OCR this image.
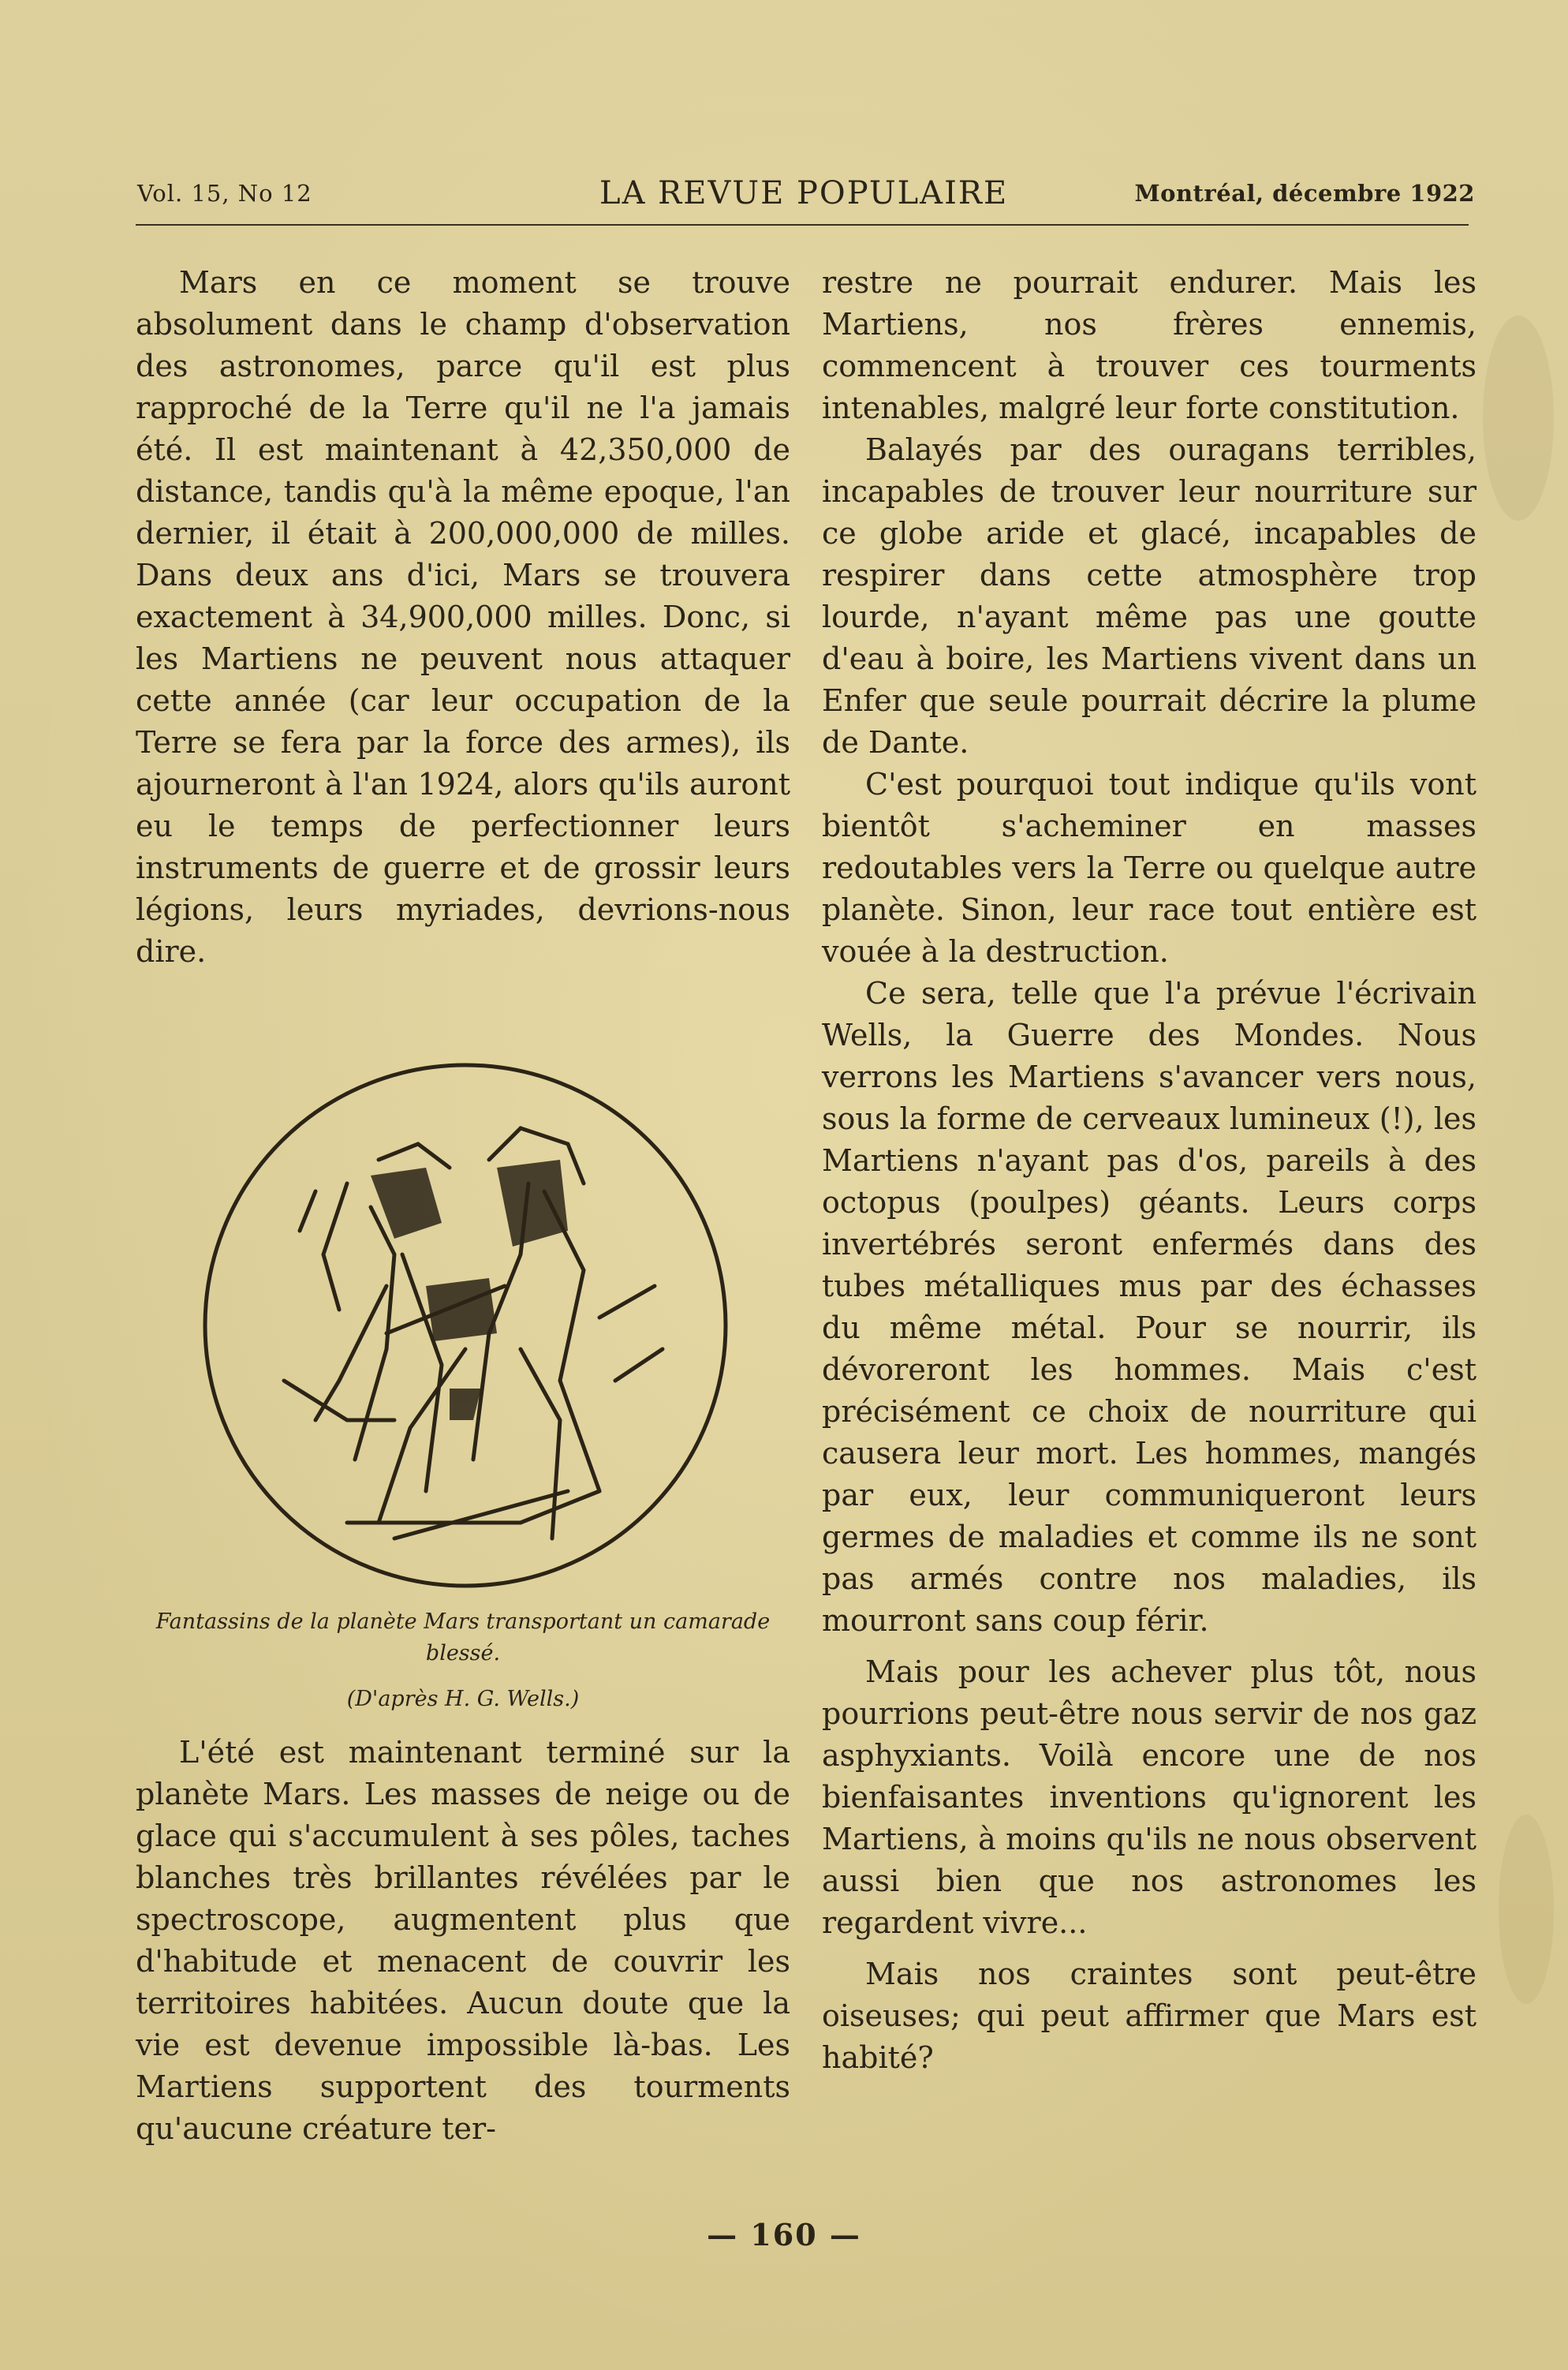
Vol. 15, No 12	LA REVUE POPULAIRE	Montréal, décembre 1922

Mars en ce moment se trouve absolument dans le champ d'observation des astronomes, parce qu'il est plus rapproché de la Terre qu'il ne l'a jamais été. Il est maintenant à 42,350,000 de distance, tandis qu'à la même epoque, l'an dernier, il était à 200,000,000 de milles. Dans deux ans d'ici, Mars se trouvera exactement à 34,900,000 milles. Donc, si les Martiens ne peuvent nous attaquer cette année (car leur occupation de la Terre se fera par la force des armes), ils ajourneront à l'an 1924, alors qu'ils auront eu le temps de perfectionner leurs instruments de guerre et de grossir leurs légions, leurs myriades, devrions-nous dire.

Fantassins de la planète Mars transportant un camarade blessé.
(D'après H. G. Wells.)

L'été est maintenant terminé sur la planète Mars. Les masses de neige ou de glace qui s'accumulent à ses pôles, taches blanches très brillantes révélées par le spectroscope, augmentent plus que d'habitude et menacent de couvrir les territoires habitées. Aucun doute que la vie est devenue impossible là-bas. Les Martiens supportent des tourments qu'aucune créature ter-

restre ne pourrait endurer. Mais les Martiens, nos frères ennemis, commencent à trouver ces tourments intenables, malgré leur forte constitution.

Balayés par des ouragans terribles, incapables de trouver leur nourriture sur ce globe aride et glacé, incapables de respirer dans cette atmosphère trop lourde, n'ayant même pas une goutte d'eau à boire, les Martiens vivent dans un Enfer que seule pourrait décrire la plume de Dante.

C'est pourquoi tout indique qu'ils vont bientôt s'acheminer en masses redoutables vers la Terre ou quelque autre planète. Sinon, leur race tout entière est vouée à la destruction.

Ce sera, telle que l'a prévue l'écrivain Wells, la Guerre des Mondes. Nous verrons les Martiens s'avancer vers nous, sous la forme de cerveaux lumineux (!), les Martiens n'ayant pas d'os, pareils à des octopus (poulpes) géants. Leurs corps invertébrés seront enfermés dans des tubes métalliques mus par des échasses du même métal. Pour se nourrir, ils dévoreront les hommes. Mais c'est précisément ce choix de nourriture qui causera leur mort. Les hommes, mangés par eux, leur communiqueront leurs germes de maladies et comme ils ne sont pas armés contre nos maladies, ils mourront sans coup férir.

Mais pour les achever plus tôt, nous pourrions peut-être nous servir de nos gaz asphyxiants. Voilà encore une de nos bienfaisantes inventions qu'ignorent les Martiens, à moins qu'ils ne nous observent aussi bien que nos astronomes les regardent vivre...

Mais nos craintes sont peut-être oiseuses; qui peut affirmer que Mars est habité?

— 160 —
